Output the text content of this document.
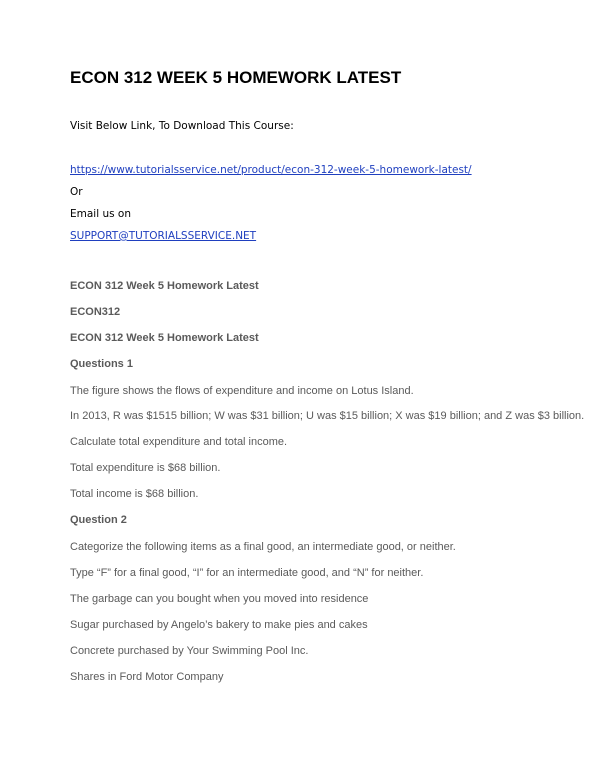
ECON 312 WEEK 5 HOMEWORK LATEST

Visit Below Link, To Download This Course:

https://www.tutorialsservice.net/product/econ-312-week-5-homework-latest/

Or

Email us on

SUPPORT@TUTORIALSSERVICE.NET

ECON 312 Week 5 Homework Latest

ECON312

ECON 312 Week 5 Homework Latest

Questions 1

The figure shows the flows of expenditure and income on Lotus Island.

In 2013, R was $1515 billion; W was $31 billion; U was $15 billion; X was $19 billion; and Z was $3 billion.

Calculate total expenditure and total income.

Total expenditure is $68 billion.

Total income is $68 billion.

Question 2

Categorize the following items as a final good, an intermediate good, or neither.

Type “F” for a final good, “I” for an intermediate good, and “N” for neither.

The garbage can you bought when you moved into residence

Sugar purchased by Angelo’s bakery to make pies and cakes

Concrete purchased by Your Swimming Pool Inc.

Shares in Ford Motor Company
